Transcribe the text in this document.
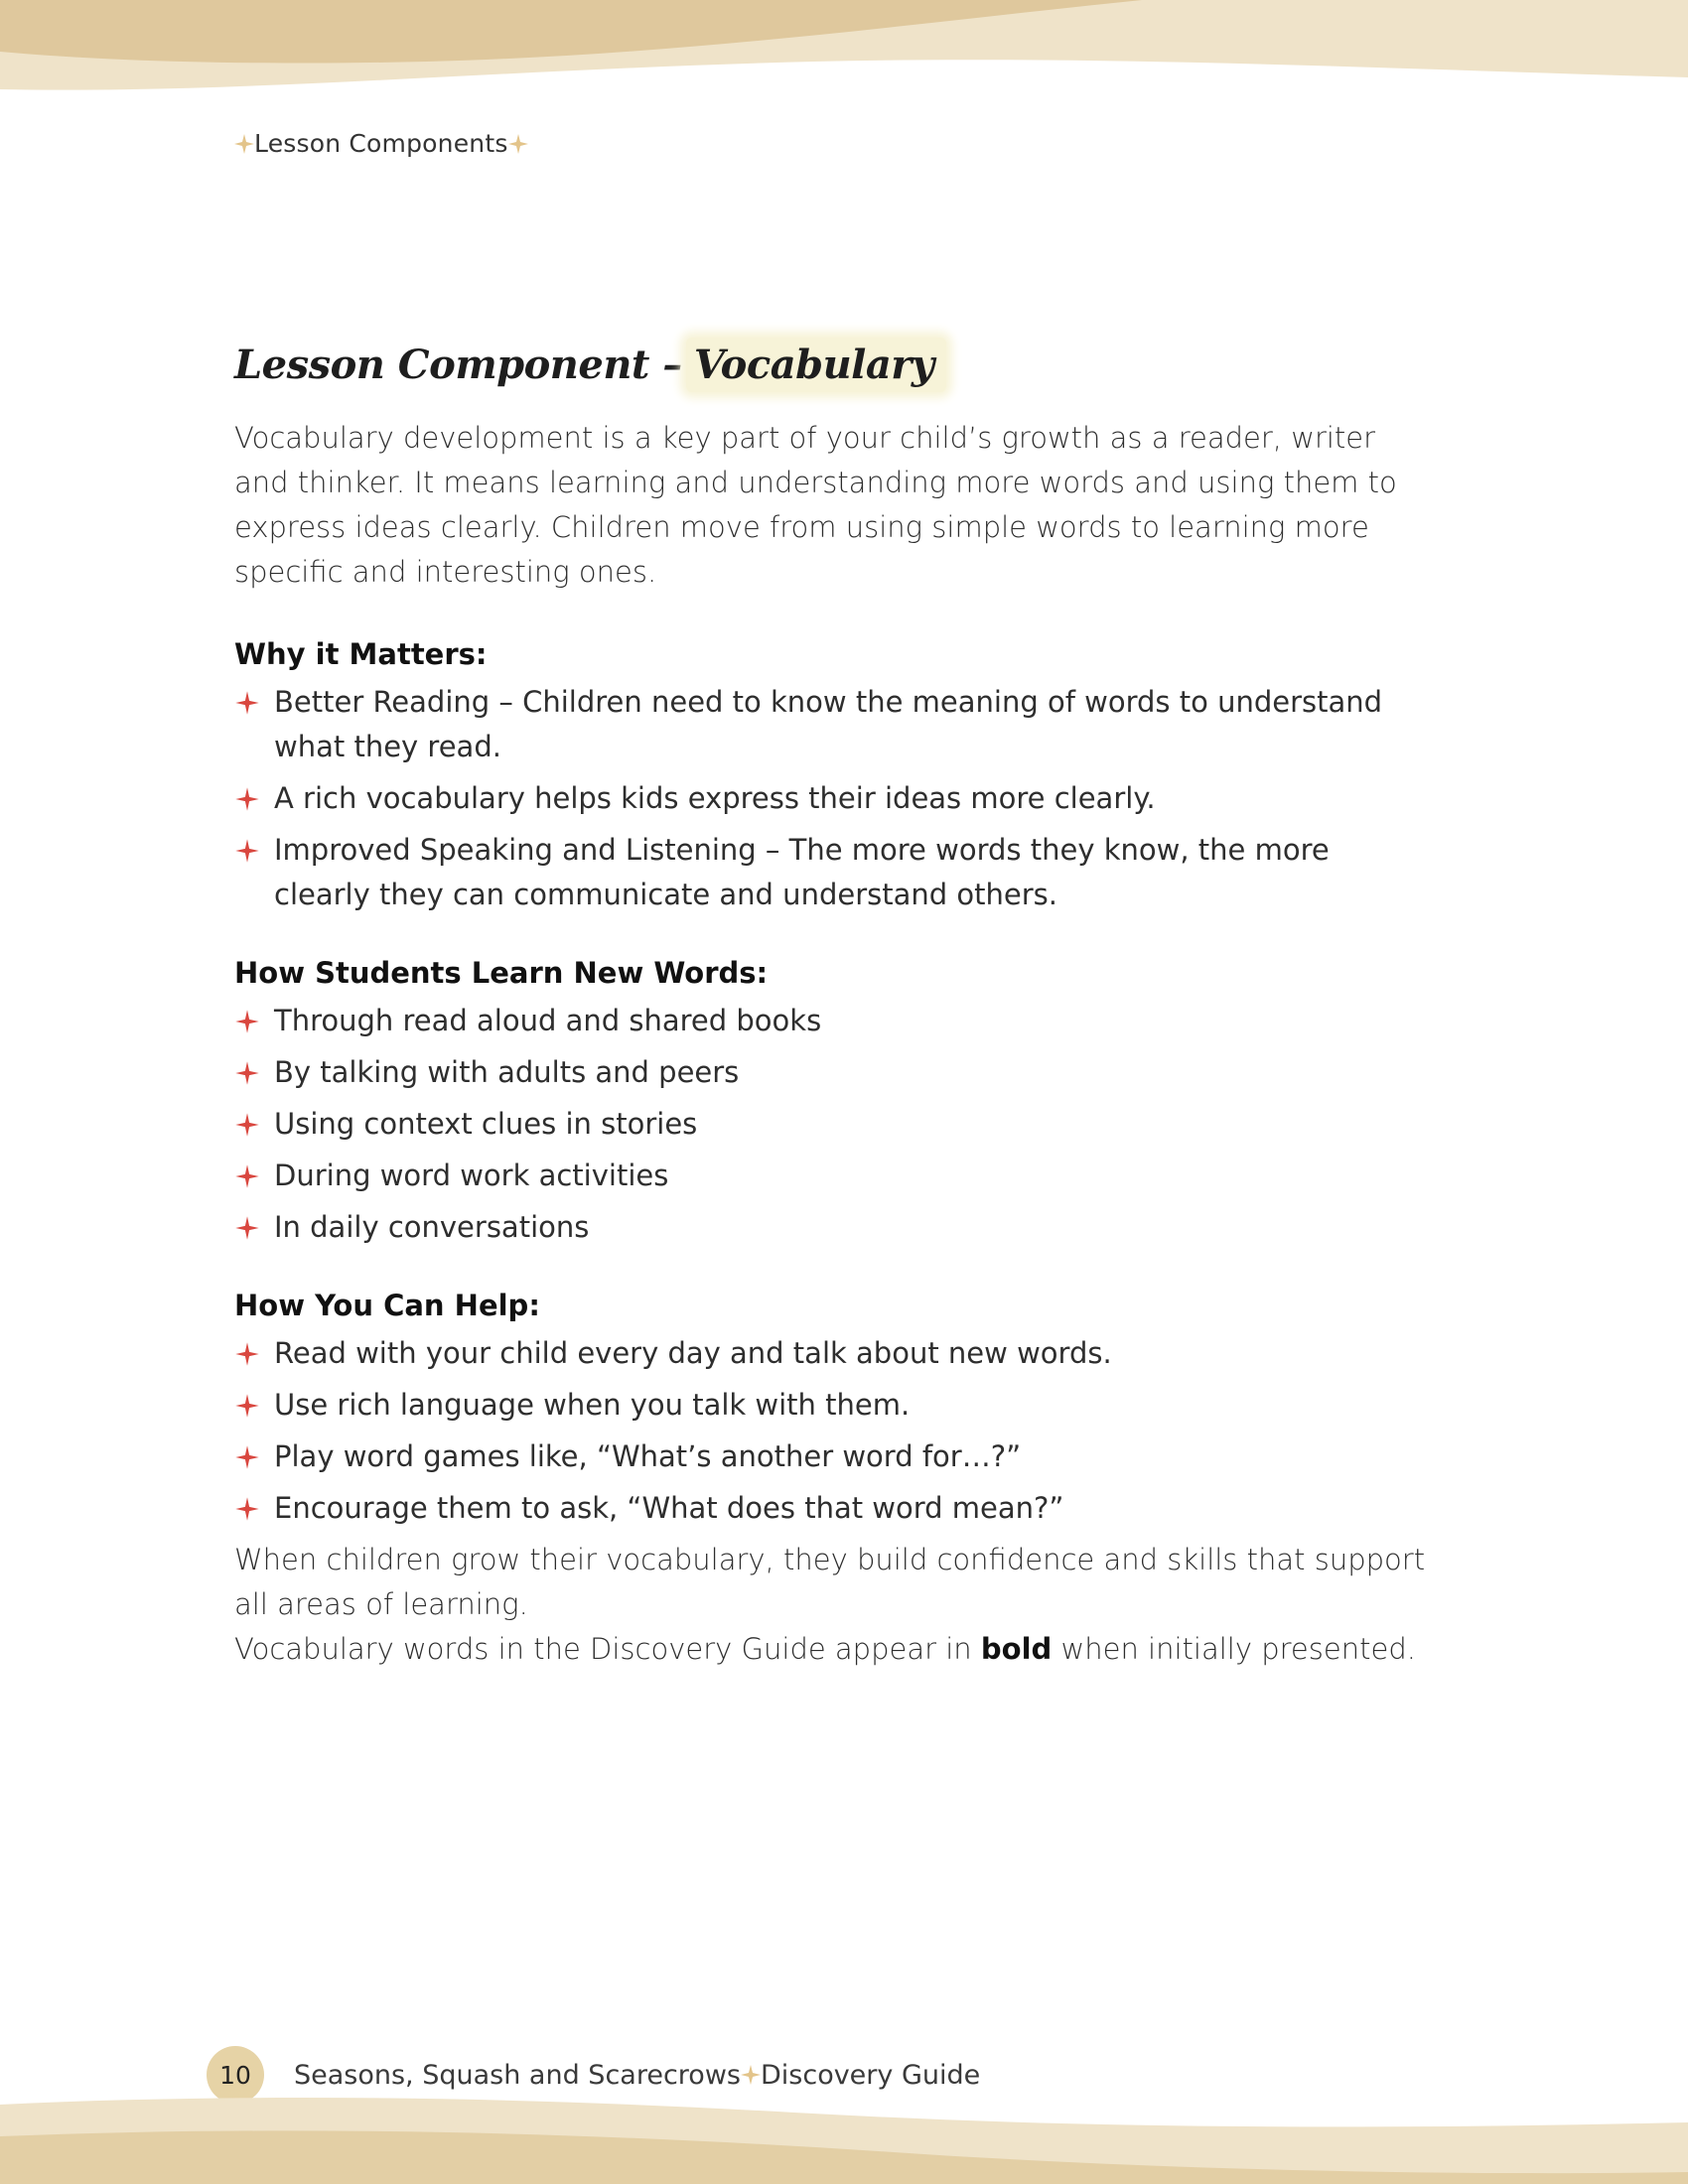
Lesson Components
Lesson Component – Vocabulary

Vocabulary development is a key part of your child’s growth as a reader, writer and thinker. It means learning and understanding more words and using them to express ideas clearly. Children move from using simple words to learning more specific and interesting ones.

Why it Matters:
Better Reading – Children need to know the meaning of words to understand what they read.
A rich vocabulary helps kids express their ideas more clearly.
Improved Speaking and Listening – The more words they know, the more clearly they can communicate and understand others.
How Students Learn New Words:
Through read aloud and shared books
By talking with adults and peers
Using context clues in stories
During word work activities
In daily conversations
How You Can Help:
Read with your child every day and talk about new words.
Use rich language when you talk with them.
Play word games like, “What’s another word for…?”
Encourage them to ask, “What does that word mean?”

When children grow their vocabulary, they build confidence and skills that support all areas of learning.

Vocabulary words in the Discovery Guide appear in bold when initially presented.

10	Seasons, Squash and Scarecrows Discovery Guide
